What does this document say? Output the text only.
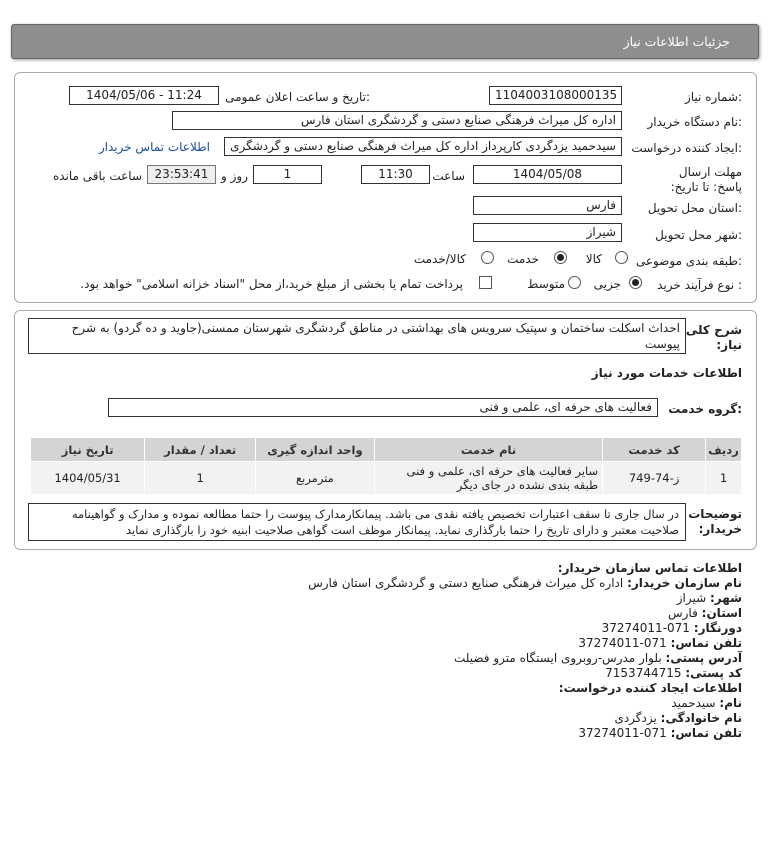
جزئیات اطلاعات نیاز
شماره نیاز:
1104003108000135
تاریخ و ساعت اعلان عمومی:
1404/05/06 - 11:24
نام دستگاه خریدار:
اداره کل میراث فرهنگی صنایع دستی و گردشگری استان فارس
ایجاد کننده درخواست:
سیدحمید یزدگردی کارپرداز اداره کل میراث فرهنگی صنایع دستی و گردشگری
اطلاعات تماس خریدار
مهلت ارسال پاسخ: تا تاریخ:
1404/05/08
ساعت
11:30
1
روز و
23:53:41
ساعت باقی مانده
استان محل تحویل:
فارس
شهر محل تحویل:
شیراز
طبقه بندی موضوعی:
کالا
خدمت
کالا/خدمت
نوع فرآیند خرید :
جزیی
متوسط
پرداخت تمام یا بخشی از مبلغ خرید،از محل "اسناد خزانه اسلامی" خواهد بود.
شرح کلی نیاز:
احداث اسکلت ساختمان و سپتیک سرویس های بهداشتی در مناطق گردشگری شهرستان ممسنی(جاوید و ده گردو) به شرح پیوست
اطلاعات خدمات مورد نیاز
گروه خدمت:
فعالیت های حرفه ای، علمی و فنی
ردیف	کد خدمت	نام خدمت	واحد اندازه گیری	تعداد / مقدار	تاریخ نیاز
1	ز-74-749	سایر فعالیت های حرفه ای، علمی و فنی طبقه بندی نشده در جای دیگر	مترمربع	1	1404/05/31
توضیحات خریدار:
در سال جاری تا سقف اعتبارات تخصیص یافته نقدی می باشد. پیمانکارمدارک پیوست را حتما مطالعه نموده و مدارک و گواهینامه صلاحیت معتبر و دارای تاریخ را حتما بارگذاری نماید. پیمانکار موظف است گواهی صلاحیت ابنیه خود را بارگذاری نماید
اطلاعات تماس سازمان خریدار:
نام سازمان خریدار: اداره کل میراث فرهنگی صنایع دستی و گردشگری استان فارس
شهر: شیراز
استان: فارس
دورنگار: 071-37274011
تلفن تماس: 071-37274011
آدرس پستی: بلوار مدرس-روبروی ایستگاه مترو فضیلت
کد پستی: 7153744715
اطلاعات ایجاد کننده درخواست:
نام: سیدحمید
نام خانوادگی: یزدگردی
تلفن تماس: 071-37274011
